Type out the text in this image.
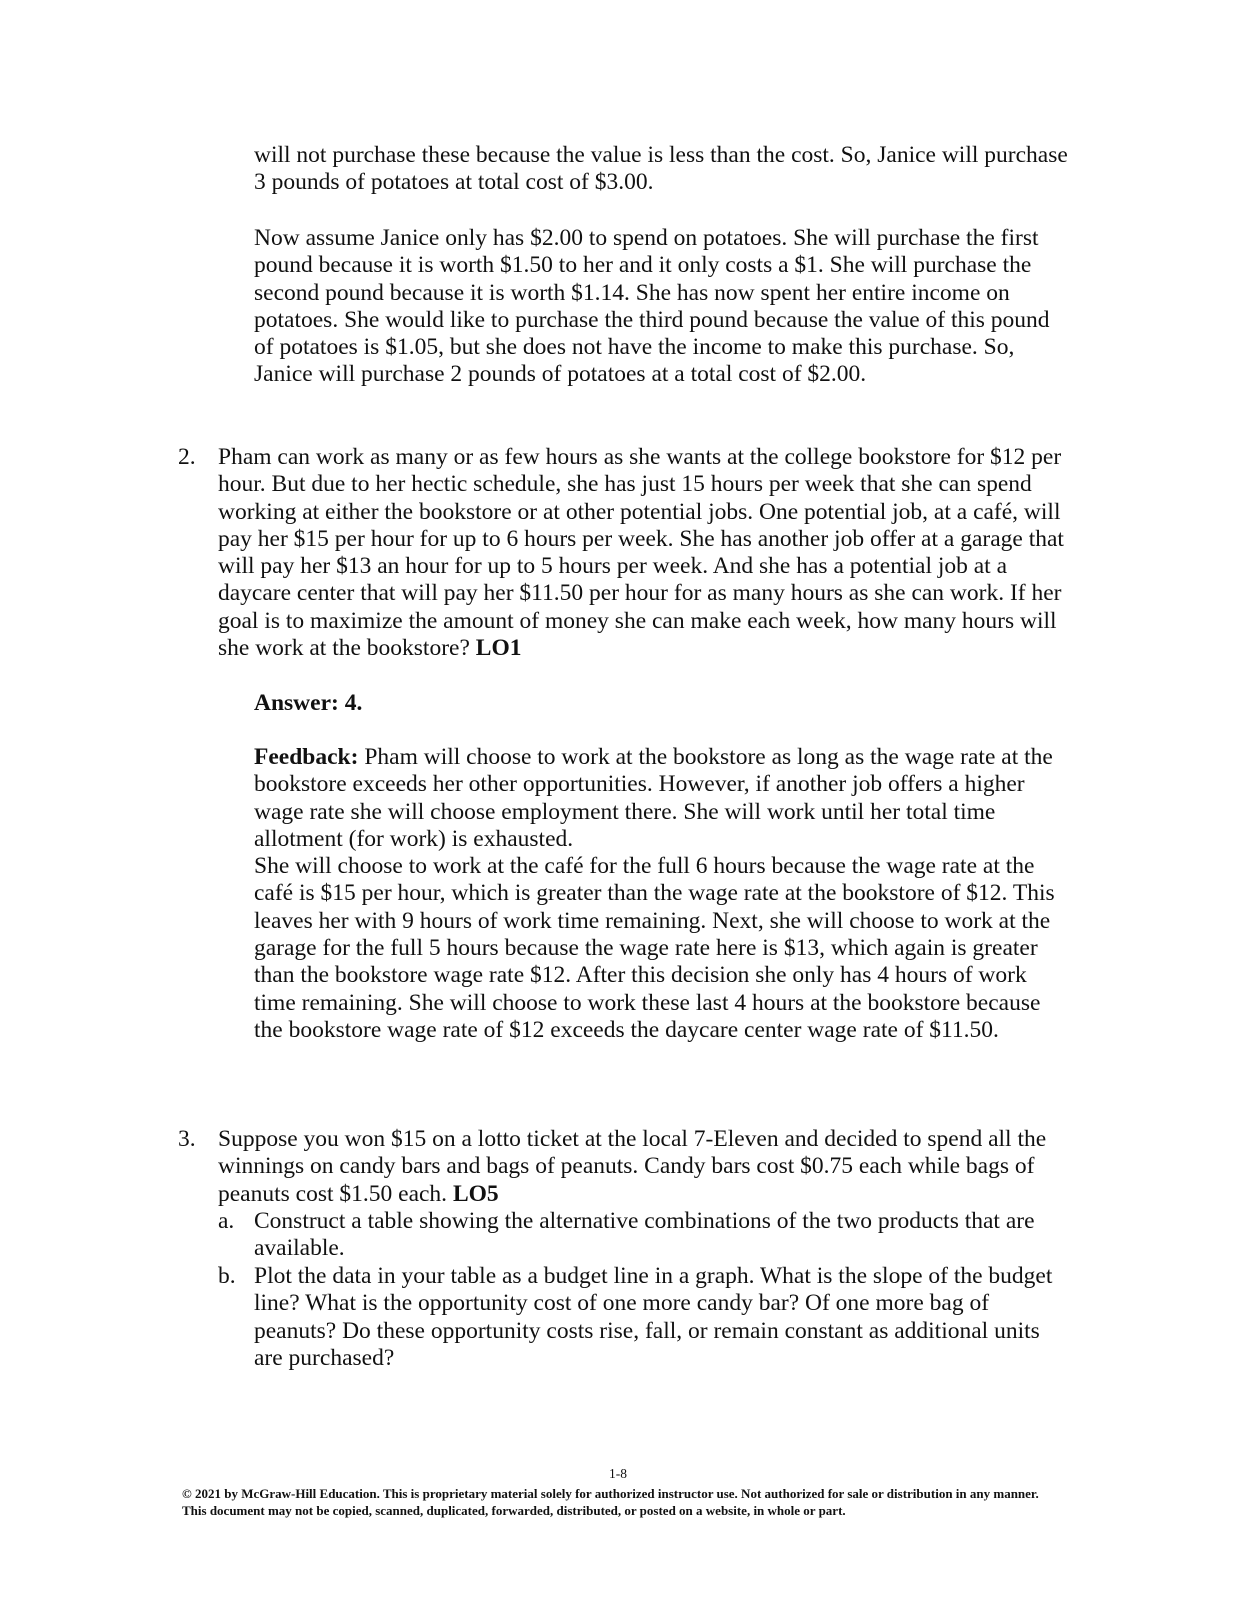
will not purchase these because the value is less than the cost. So, Janice will purchase 3 pounds of potatoes at total cost of $3.00.

Now assume Janice only has $2.00 to spend on potatoes. She will purchase the first pound because it is worth $1.50 to her and it only costs a $1. She will purchase the second pound because it is worth $1.14. She has now spent her entire income on potatoes. She would like to purchase the third pound because the value of this pound of potatoes is $1.05, but she does not have the income to make this purchase. So, Janice will purchase 2 pounds of potatoes at a total cost of $2.00.

2. Pham can work as many or as few hours as she wants at the college bookstore for $12 per hour. But due to her hectic schedule, she has just 15 hours per week that she can spend working at either the bookstore or at other potential jobs. One potential job, at a café, will pay her $15 per hour for up to 6 hours per week. She has another job offer at a garage that will pay her $13 an hour for up to 5 hours per week. And she has a potential job at a daycare center that will pay her $11.50 per hour for as many hours as she can work. If her goal is to maximize the amount of money she can make each week, how many hours will she work at the bookstore? LO1

Answer: 4.

Feedback: Pham will choose to work at the bookstore as long as the wage rate at the bookstore exceeds her other opportunities. However, if another job offers a higher wage rate she will choose employment there. She will work until her total time allotment (for work) is exhausted.
She will choose to work at the café for the full 6 hours because the wage rate at the café is $15 per hour, which is greater than the wage rate at the bookstore of $12. This leaves her with 9 hours of work time remaining. Next, she will choose to work at the garage for the full 5 hours because the wage rate here is $13, which again is greater than the bookstore wage rate $12. After this decision she only has 4 hours of work time remaining. She will choose to work these last 4 hours at the bookstore because the bookstore wage rate of $12 exceeds the daycare center wage rate of $11.50.

3. Suppose you won $15 on a lotto ticket at the local 7-Eleven and decided to spend all the winnings on candy bars and bags of peanuts. Candy bars cost $0.75 each while bags of peanuts cost $1.50 each. LO5

a. Construct a table showing the alternative combinations of the two products that are available.

b. Plot the data in your table as a budget line in a graph. What is the slope of the budget line? What is the opportunity cost of one more candy bar? Of one more bag of peanuts? Do these opportunity costs rise, fall, or remain constant as additional units are purchased?

1-8
© 2021 by McGraw-Hill Education. This is proprietary material solely for authorized instructor use. Not authorized for sale or distribution in any manner. This document may not be copied, scanned, duplicated, forwarded, distributed, or posted on a website, in whole or part.
